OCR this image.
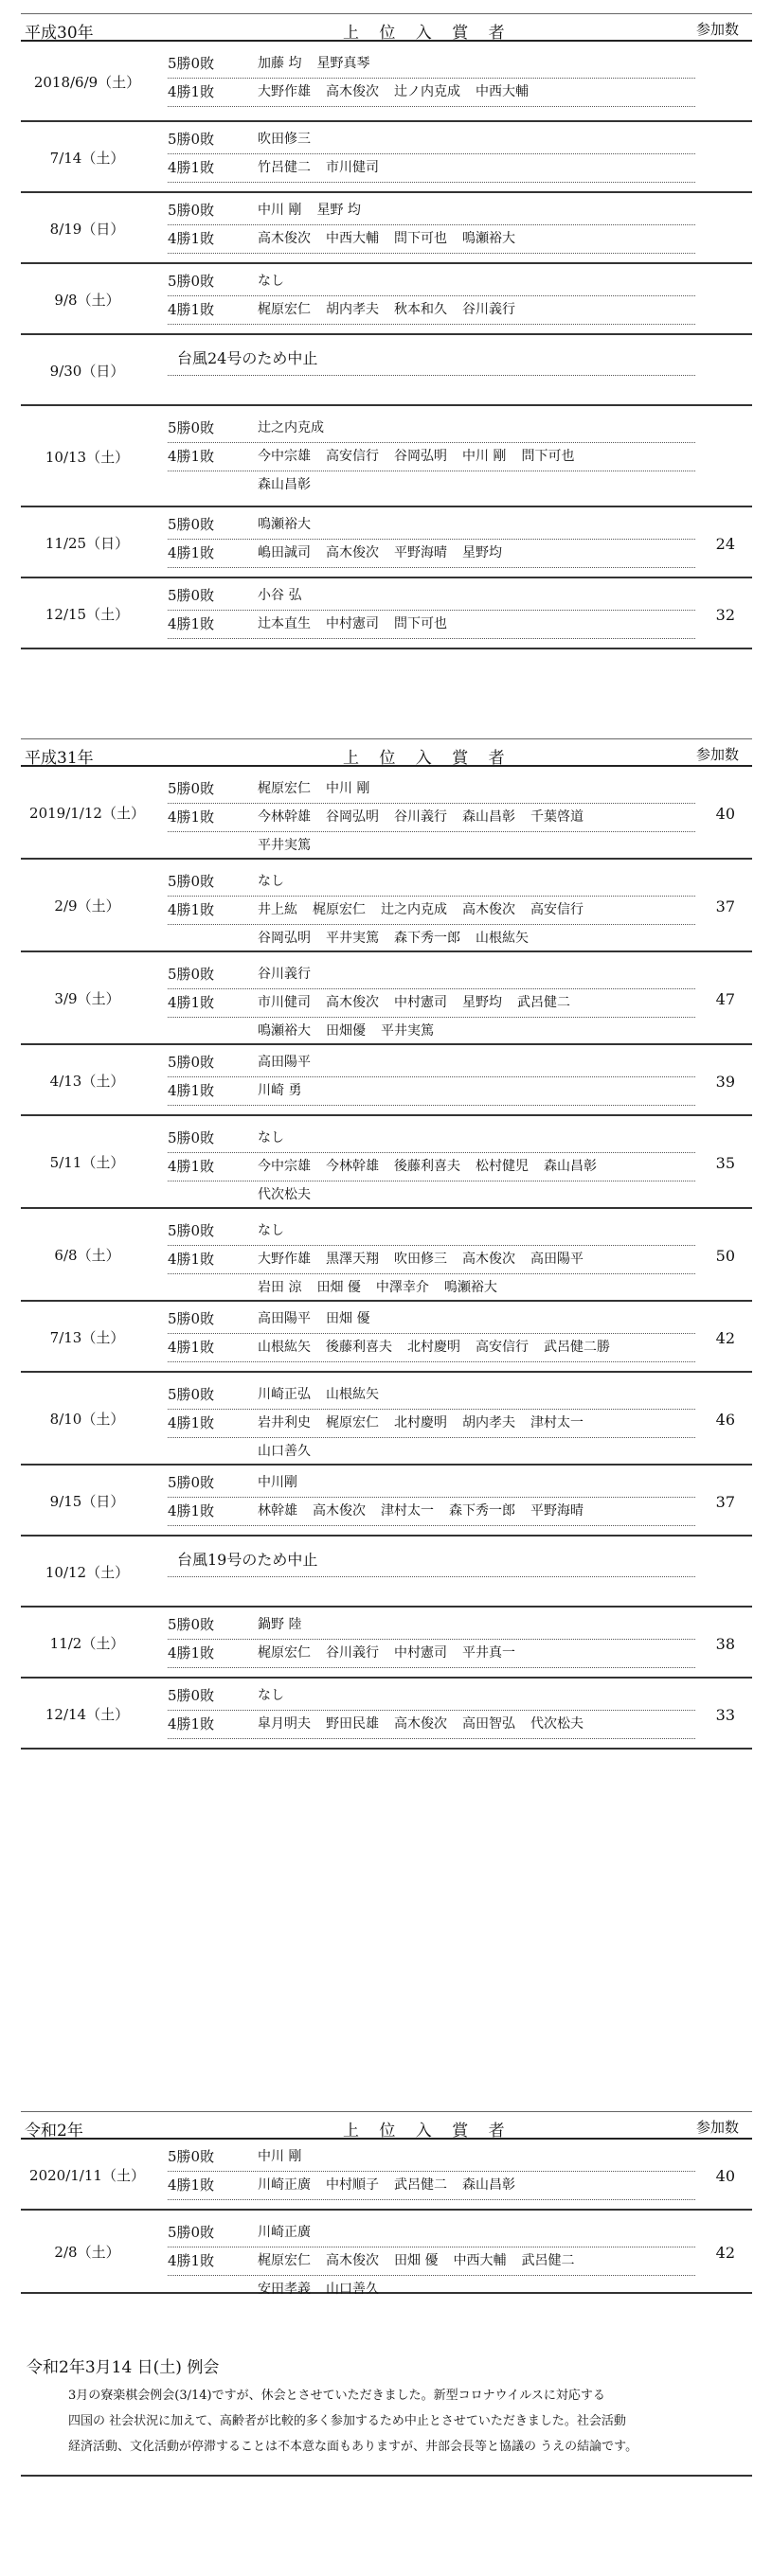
平成30年	上 位 入 賞 者	参加数
2018/6/9（土）
5勝0敗	加藤 均 星野真琴
4勝1敗	大野作雄 高木俊次 辻ノ内克成 中西大輔
7/14（土）
5勝0敗	吹田修三
4勝1敗	竹呂健二 市川健司
8/19（日）
5勝0敗	中川 剛 星野 均
4勝1敗	高木俊次 中西大輔 問下可也 鳴瀬裕大
9/8（土）
5勝0敗	なし
4勝1敗	梶原宏仁 胡内孝夫 秋本和久 谷川義行
9/30（日）
台風24号のため中止
10/13（土）
5勝0敗	辻之内克成
4勝1敗	今中宗雄 高安信行 谷岡弘明 中川 剛 問下可也
森山昌彰
11/25（日）	24
5勝0敗	鳴瀬裕大
4勝1敗	嶋田誠司 高木俊次 平野海晴 星野均
12/15（土）	32
5勝0敗	小谷 弘
4勝1敗	辻本直生 中村憲司 問下可也
平成31年	上 位 入 賞 者	参加数
2019/1/12（土）	40
5勝0敗	梶原宏仁 中川 剛
4勝1敗	今林幹雄 谷岡弘明 谷川義行 森山昌彰 千葉啓道
平井実篤
2/9（土）	37
5勝0敗	なし
4勝1敗	井上紘 梶原宏仁 辻之内克成 高木俊次 高安信行
谷岡弘明 平井実篤 森下秀一郎 山根紘矢
3/9（土）	47
5勝0敗	谷川義行
4勝1敗	市川健司 高木俊次 中村憲司 星野均 武呂健二
鳴瀬裕大 田畑優 平井実篤
4/13（土）	39
5勝0敗	高田陽平
4勝1敗	川崎 勇
5/11（土）	35
5勝0敗	なし
4勝1敗	今中宗雄 今林幹雄 後藤利喜夫 松村健児 森山昌彰
代次松夫
6/8（土）	50
5勝0敗	なし
4勝1敗	大野作雄 黒澤天翔 吹田修三 高木俊次 高田陽平
岩田 涼 田畑 優 中澤幸介 鳴瀬裕大
7/13（土）	42
5勝0敗	高田陽平 田畑 優
4勝1敗	山根紘矢 後藤利喜夫 北村慶明 高安信行 武呂健二勝
8/10（土）	46
5勝0敗	川崎正弘 山根紘矢
4勝1敗	岩井利史 梶原宏仁 北村慶明 胡内孝夫 津村太一
山口善久
9/15（日）	37
5勝0敗	中川剛
4勝1敗	林幹雄 高木俊次 津村太一 森下秀一郎 平野海晴
10/12（土）
台風19号のため中止
11/2（土）	38
5勝0敗	鍋野 陸
4勝1敗	梶原宏仁 谷川義行 中村憲司 平井真一
12/14（土）	33
5勝0敗	なし
4勝1敗	皐月明夫 野田民雄 高木俊次 高田智弘 代次松夫
令和2年	上 位 入 賞 者	参加数
2020/1/11（土）	40
5勝0敗	中川 剛
4勝1敗	川崎正廣 中村順子 武呂健二 森山昌彰
2/8（土）	42
5勝0敗	川崎正廣
4勝1敗	梶原宏仁 高木俊次 田畑 優 中西大輔 武呂健二
安田孝義 山口善久
令和2年3月14 日(土) 例会

3月の寮楽棋会例会(3/14)ですが、休会とさせていただきました。新型コロナウイルスに対応する

四国の 社会状況に加えて、高齢者が比較的多く参加するため中止とさせていただきました。社会活動

経済活動、文化活動が停滞することは不本意な面もありますが、井部会長等と協議の うえの結論です。
